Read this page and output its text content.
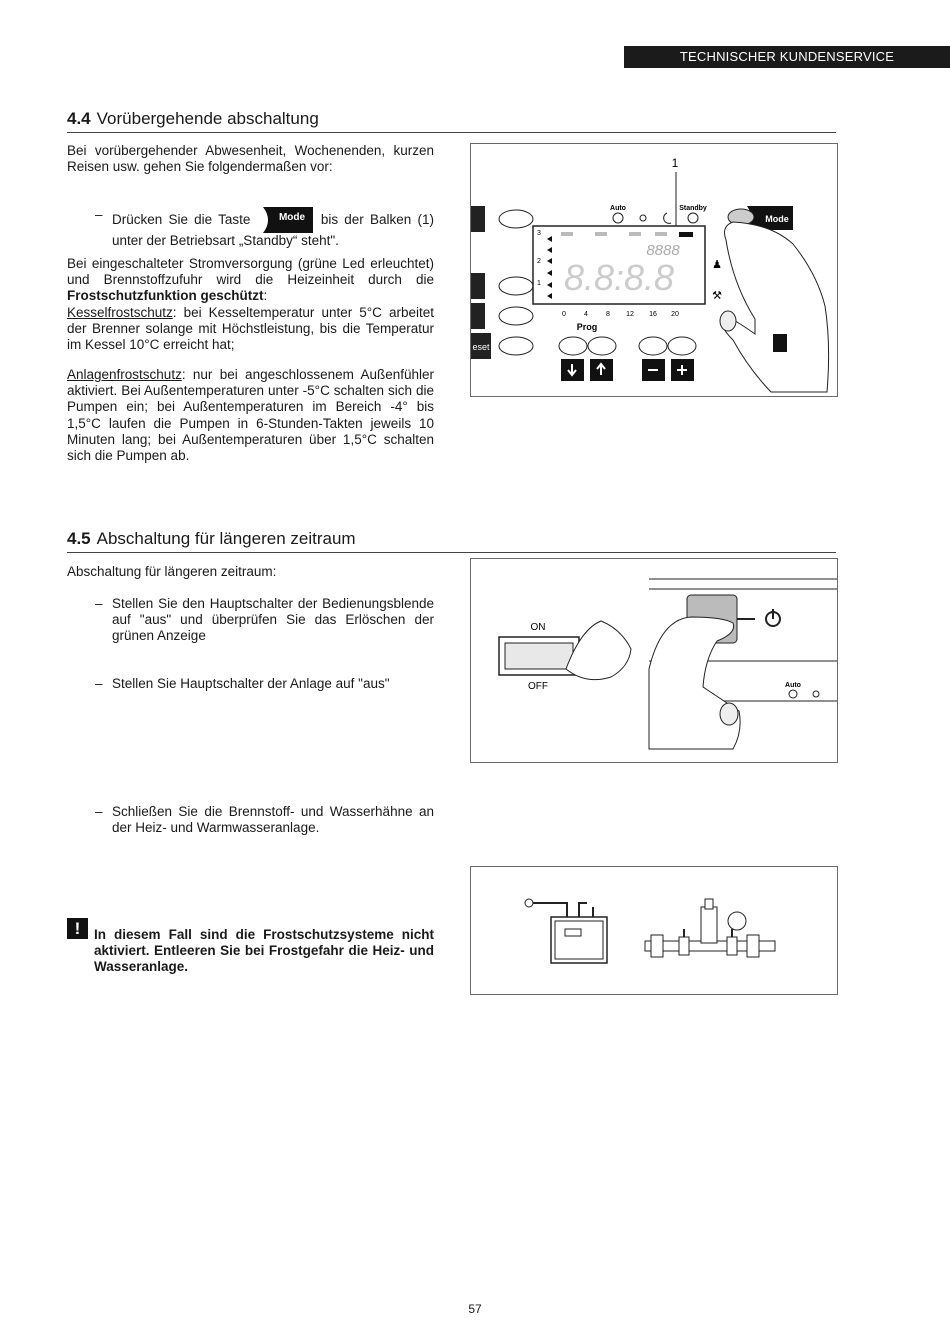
TECHNISCHER KUNDENSERVICE
4.4 Vorübergehende abschaltung
Bei vorübergehender Abwesenheit, Wochenenden, kurzen Reisen usw. gehen Sie folgendermaßen vor:
– Drücken Sie die Taste	Mode bis der Balken (1) unter der Betriebsart „Standby“ steht".
Bei eingeschalteter Stromversorgung (grüne Led erleuchtet) und Brennstoffzufuhr wird die Heizeinheit durch die Frostschutzfunktion geschützt:
Kesselfrostschutz: bei Kesseltemperatur unter 5°C arbeitet der Brenner solange mit Höchstleistung, bis die Temperatur im Kessel 10°C erreicht hat;
Anlagenfrostschutz: nur bei angeschlossenem Außenfühler aktiviert. Bei Außentemperaturen unter -5°C schalten sich die Pumpen ein; bei Außentemperaturen im Bereich -4° bis 1,5°C laufen die Pumpen in 6-Stunden-Takten jeweils 10 Minuten lang; bei Außentemperaturen über 1,5°C schalten sich die Pumpen ab.
1
eset
Auto	Standby
8888
8.8:8.8
3
2
1
0	4	8 12 16 20
Prog
Mode
♟
⚒
4.5 Abschaltung für längeren zeitraum
Abschaltung für längeren zeitraum:
– Stellen Sie den Hauptschalter der Bedienungsblende auf "aus" und überprüfen Sie das Erlöschen der grünen Anzeige
– Stellen Sie Hauptschalter der Anlage auf "aus"
– Schließen Sie die Brennstoff- und Wasserhähne an der Heiz- und Warmwasseranlage.
ON
OFF	Auto
!	In diesem Fall sind die Frostschutzsysteme nicht aktiviert. Entleeren Sie bei Frostgefahr die Heiz- und Wasseranlage.
57
